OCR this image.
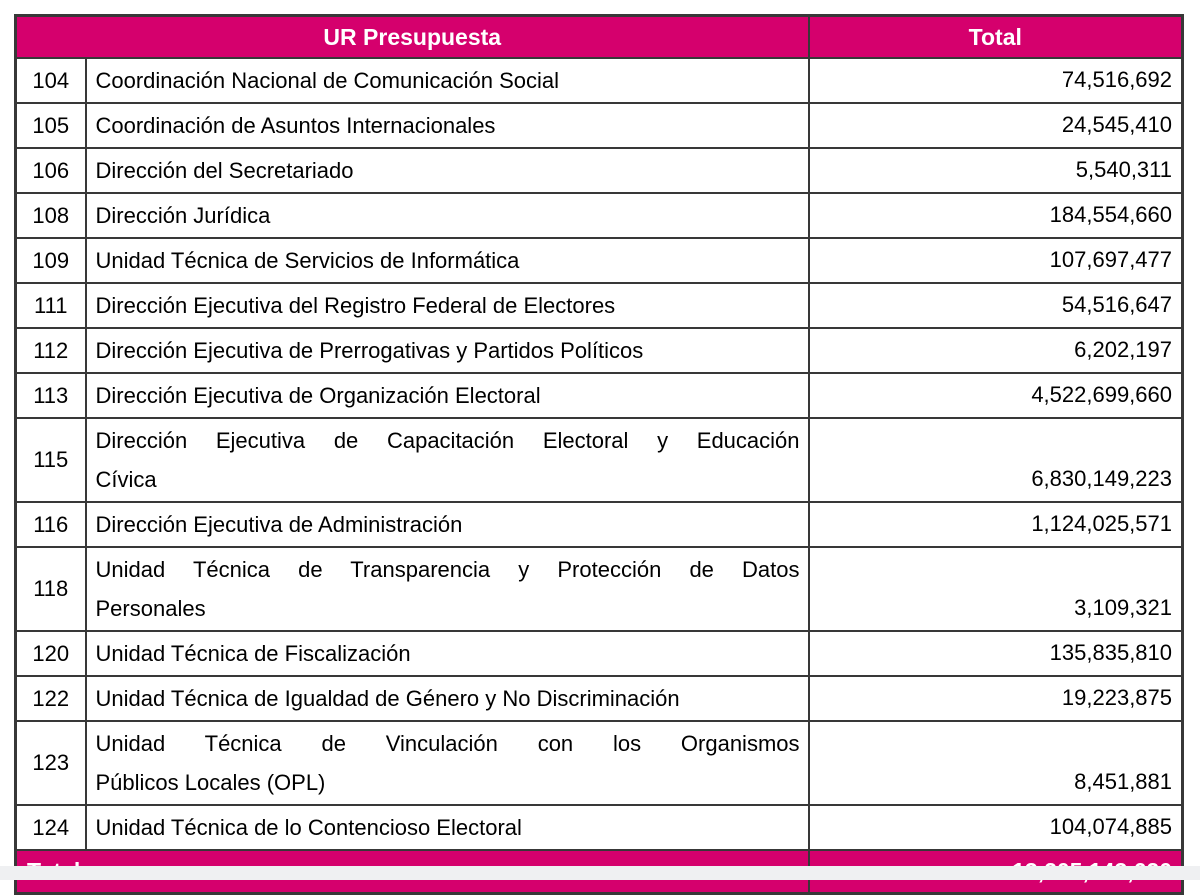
UR Presupuesta		Total
104	Coordinación Nacional de Comunicación Social	74,516,692
105	Coordinación de Asuntos Internacionales	24,545,410
106	Dirección del Secretariado	5,540,311
108	Dirección Jurídica	184,554,660
109	Unidad Técnica de Servicios de Informática	107,697,477
111	Dirección Ejecutiva del Registro Federal de Electores	54,516,647
112	Dirección Ejecutiva de Prerrogativas y Partidos Políticos	6,202,197
113	Dirección Ejecutiva de Organización Electoral	4,522,699,660
115	Dirección Ejecutiva de Capacitación Electoral y Educación
Cívica	6,830,149,223
116	Dirección Ejecutiva de Administración	1,124,025,571
118	Unidad Técnica de Transparencia y Protección de Datos
Personales	3,109,321
120	Unidad Técnica de Fiscalización	135,835,810
122	Unidad Técnica de Igualdad de Género y No Discriminación	19,223,875
123	Unidad Técnica de Vinculación con los Organismos
Públicos Locales (OPL)	8,451,881
124	Unidad Técnica de lo Contencioso Electoral	104,074,885
